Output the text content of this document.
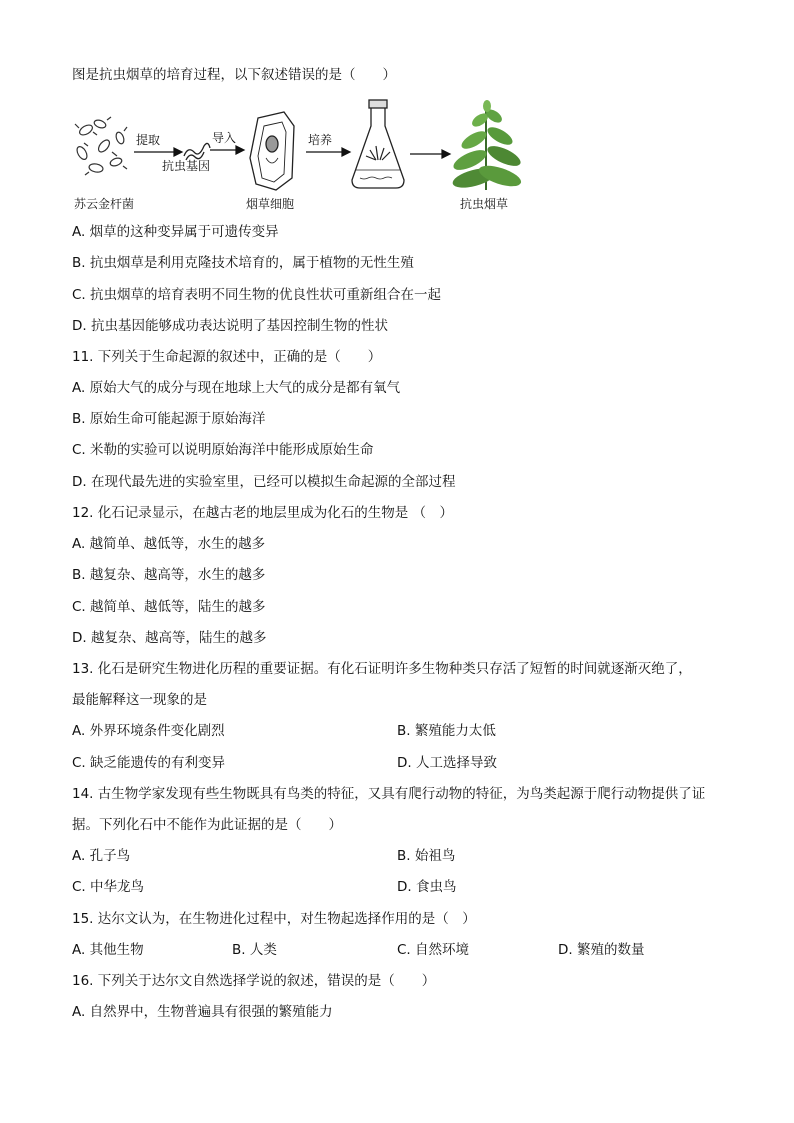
图是抗虫烟草的培育过程，以下叙述错误的是（　　）
苏云金杆菌
提取
抗虫基因
导入
烟草细胞
培养
抗虫烟草
A. 烟草的这种变异属于可遗传变异
B. 抗虫烟草是利用克隆技术培育的，属于植物的无性生殖
C. 抗虫烟草的培育表明不同生物的优良性状可重新组合在一起
D. 抗虫基因能够成功表达说明了基因控制生物的性状
11. 下列关于生命起源的叙述中，正确的是（　　）
A. 原始大气的成分与现在地球上大气的成分是都有氧气
B. 原始生命可能起源于原始海洋
C. 米勒的实验可以说明原始海洋中能形成原始生命
D. 在现代最先进的实验室里，已经可以模拟生命起源的全部过程
12. 化石记录显示，在越古老的地层里成为化石的生物是 （　）
A. 越简单、越低等，水生的越多
B. 越复杂、越高等，水生的越多
C. 越简单、越低等，陆生的越多
D. 越复杂、越高等，陆生的越多
13. 化石是研究生物进化历程的重要证据。有化石证明许多生物种类只存活了短暂的时间就逐渐灭绝了，
最能解释这一现象的是
A. 外界环境条件变化剧烈	B. 繁殖能力太低
C. 缺乏能遗传的有利变异	D. 人工选择导致
14. 古生物学家发现有些生物既具有鸟类的特征，又具有爬行动物的特征，为鸟类起源于爬行动物提供了证
据。下列化石中不能作为此证据的是（　　）
A. 孔子鸟	B. 始祖鸟
C. 中华龙鸟	D. 食虫鸟
15. 达尔文认为，在生物进化过程中，对生物起选择作用的是（　）
A. 其他生物	B. 人类	C. 自然环境	D. 繁殖的数量
16. 下列关于达尔文自然选择学说的叙述，错误的是（　　）
A. 自然界中，生物普遍具有很强的繁殖能力
